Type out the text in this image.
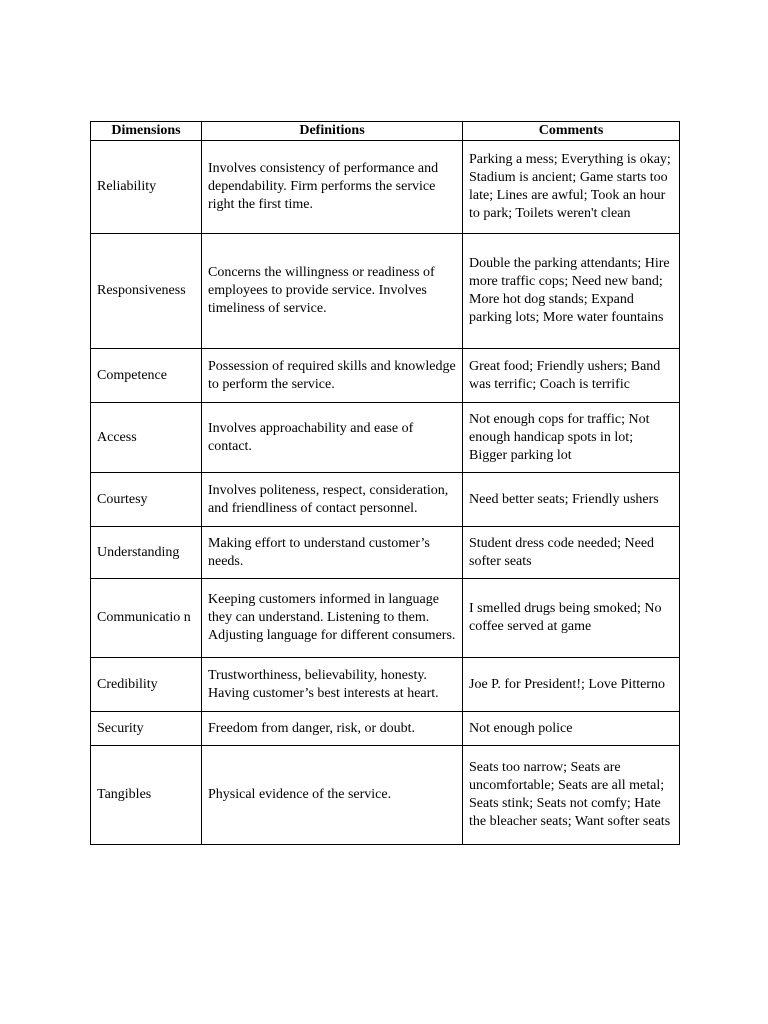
Dimensions	Definitions	Comments
Reliability	Involves consistency of performance and dependability. Firm performs the service right the first time.	Parking a mess; Everything is okay; Stadium is ancient; Game starts too late; Lines are awful; Took an hour to park; Toilets weren't clean
Responsiveness	Concerns the willingness or readiness of employees to provide service. Involves timeliness of service.	Double the parking attendants; Hire more traffic cops; Need new band; More hot dog stands; Expand parking lots; More water fountains
Competence	Possession of required skills and knowledge to perform the service.	Great food; Friendly ushers; Band was terrific; Coach is terrific
Access	Involves approachability and ease of contact.	Not enough cops for traffic; Not enough handicap spots in lot; Bigger parking lot
Courtesy	Involves politeness, respect, consideration, and friendliness of contact personnel.	Need better seats; Friendly ushers
Understanding	Making effort to understand customer’s needs.	Student dress code needed; Need softer seats
Communicatio n	Keeping customers informed in language they can understand. Listening to them. Adjusting language for different consumers.	I smelled drugs being smoked; No coffee served at game
Credibility	Trustworthiness, believability, honesty. Having customer’s best interests at heart.	Joe P. for President!; Love Pitterno
Security	Freedom from danger, risk, or doubt.	Not enough police
Tangibles	Physical evidence of the service.	Seats too narrow; Seats are uncomfortable; Seats are all metal; Seats stink; Seats not comfy; Hate the bleacher seats; Want softer seats
